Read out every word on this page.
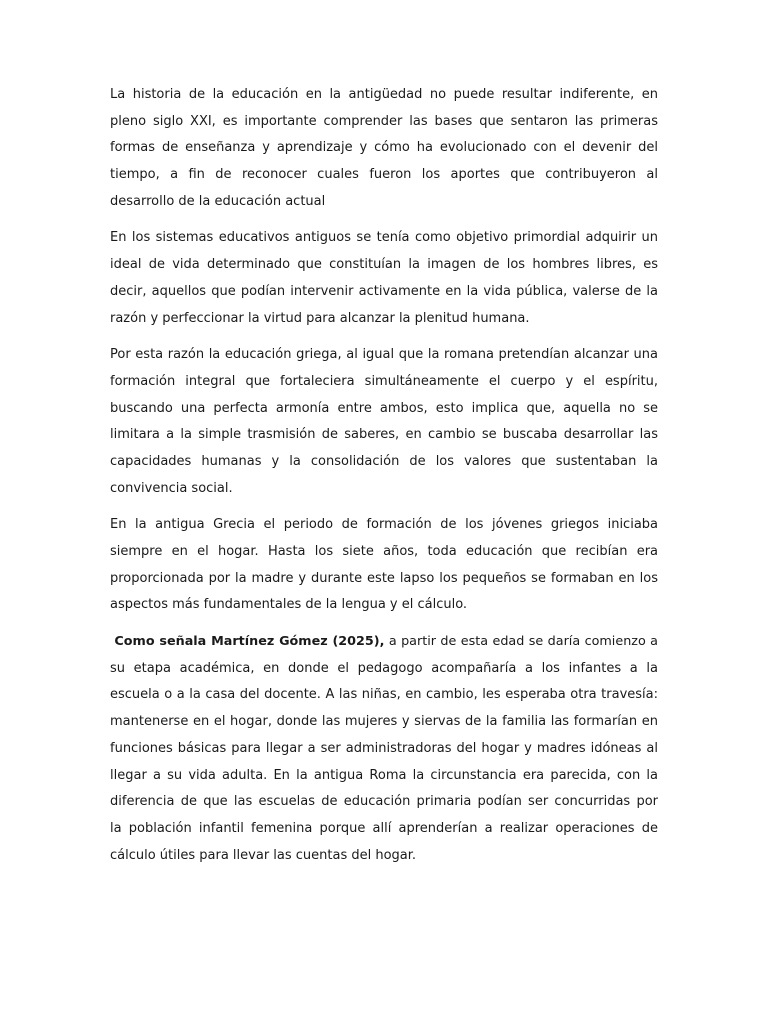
La historia de la educación en la antigüedad no puede resultar indiferente, en
pleno siglo XXI, es importante comprender las bases que sentaron las primeras
formas de enseñanza y aprendizaje y cómo ha evolucionado con el devenir del
tiempo, a fin de reconocer cuales fueron los aportes que contribuyeron al
desarrollo de la educación actual
En los sistemas educativos antiguos se tenía como objetivo primordial adquirir un
ideal de vida determinado que constituían la imagen de los hombres libres, es
decir, aquellos que podían intervenir activamente en la vida pública, valerse de la
razón y perfeccionar la virtud para alcanzar la plenitud humana.
Por esta razón la educación griega, al igual que la romana pretendían alcanzar una
formación integral que fortaleciera simultáneamente el cuerpo y el espíritu,
buscando una perfecta armonía entre ambos, esto implica que, aquella no se
limitara a la simple trasmisión de saberes, en cambio se buscaba desarrollar las
capacidades humanas y la consolidación de los valores que sustentaban la
convivencia social.
En la antigua Grecia el periodo de formación de los jóvenes griegos iniciaba
siempre en el hogar. Hasta los siete años, toda educación que recibían era
proporcionada por la madre y durante este lapso los pequeños se formaban en los
aspectos más fundamentales de la lengua y el cálculo.
Como señala Martínez Gómez (2025), a partir de esta edad se daría comienzo a
su etapa académica, en donde el pedagogo acompañaría a los infantes a la
escuela o a la casa del docente. A las niñas, en cambio, les esperaba otra travesía:
mantenerse en el hogar, donde las mujeres y siervas de la familia las formarían en
funciones básicas para llegar a ser administradoras del hogar y madres idóneas al
llegar a su vida adulta. En la antigua Roma la circunstancia era parecida, con la
diferencia de que las escuelas de educación primaria podían ser concurridas por
la población infantil femenina porque allí aprenderían a realizar operaciones de
cálculo útiles para llevar las cuentas del hogar.
